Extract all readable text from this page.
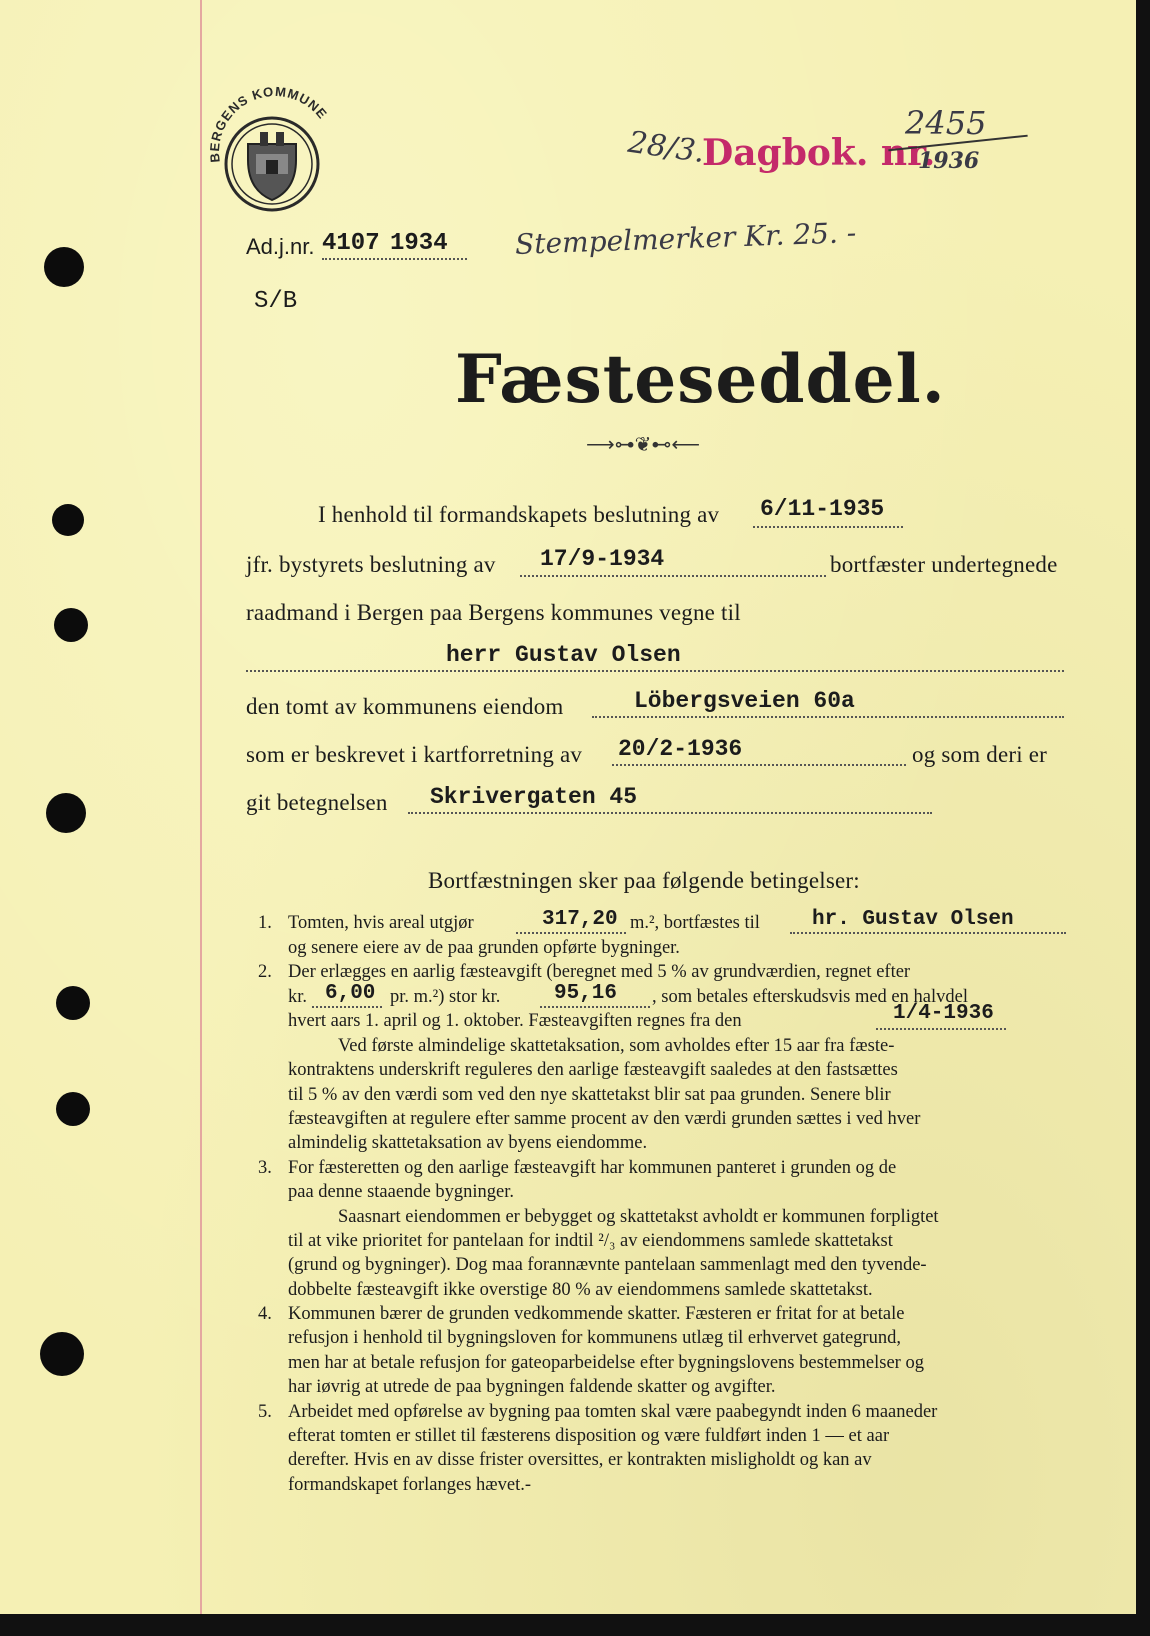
BERGENS KOMMUNE
28/3.
Dagbok. nr.
2455
1936
Ad.j.nr. 4107 1934 Stempelmerker Kr. 25. -
S/B
Fæsteseddel.
⟶⊶❦⊷⟵
I henhold til formandskapets beslutning av 6/11-1935
jfr. bystyrets beslutning av 17/9-1934	bortfæster undertegnede
raadmand i Bergen paa Bergens kommunes vegne til
herr Gustav Olsen
den tomt av kommunens eiendom	Löbergsveien 60a
som er beskrevet i kartforretning av 20/2-1936	og som deri er
git betegnelsen Skrivergaten 45
Bortfæstningen sker paa følgende betingelser:
1. Tomten, hvis areal utgjør	317,20 m.², bortfæstes til hr. Gustav Olsen
og senere eiere av de paa grunden opførte bygninger.
2. Der erlægges en aarlig fæsteavgift (beregnet med 5 % av grundværdien, regnet efter
kr. 6,00 pr. m.²) stor kr.	95,16 , som betales efterskudsvis med en halvdel
hvert aars 1. april og 1. oktober. Fæsteavgiften regnes fra den	1/4-1936
Ved første almindelige skattetaksation, som avholdes efter 15 aar fra fæste-
kontraktens underskrift reguleres den aarlige fæsteavgift saaledes at den fastsættes
til 5 % av den værdi som ved den nye skattetakst blir sat paa grunden. Senere blir
fæsteavgiften at regulere efter samme procent av den værdi grunden sættes i ved hver
almindelig skattetaksation av byens eiendomme.
3. For fæsteretten og den aarlige fæsteavgift har kommunen panteret i grunden og de
paa denne staaende bygninger.
Saasnart eiendommen er bebygget og skattetakst avholdt er kommunen forpligtet
til at vike prioritet for pantelaan for indtil ²/₃ av eiendommens samlede skattetakst
(grund og bygninger). Dog maa forannævnte pantelaan sammenlagt med den tyvende-
dobbelte fæsteavgift ikke overstige 80 % av eiendommens samlede skattetakst.
4. Kommunen bærer de grunden vedkommende skatter. Fæsteren er fritat for at betale
refusjon i henhold til bygningsloven for kommunens utlæg til erhvervet gategrund,
men har at betale refusjon for gateoparbeidelse efter bygningslovens bestemmelser og
har iøvrig at utrede de paa bygningen faldende skatter og avgifter.
5. Arbeidet med opførelse av bygning paa tomten skal være paabegyndt inden 6 maaneder
efterat tomten er stillet til fæsterens disposition og være fuldført inden 1 — et aar
derefter. Hvis en av disse frister oversittes, er kontrakten misligholdt og kan av
formandskapet forlanges hævet.-
